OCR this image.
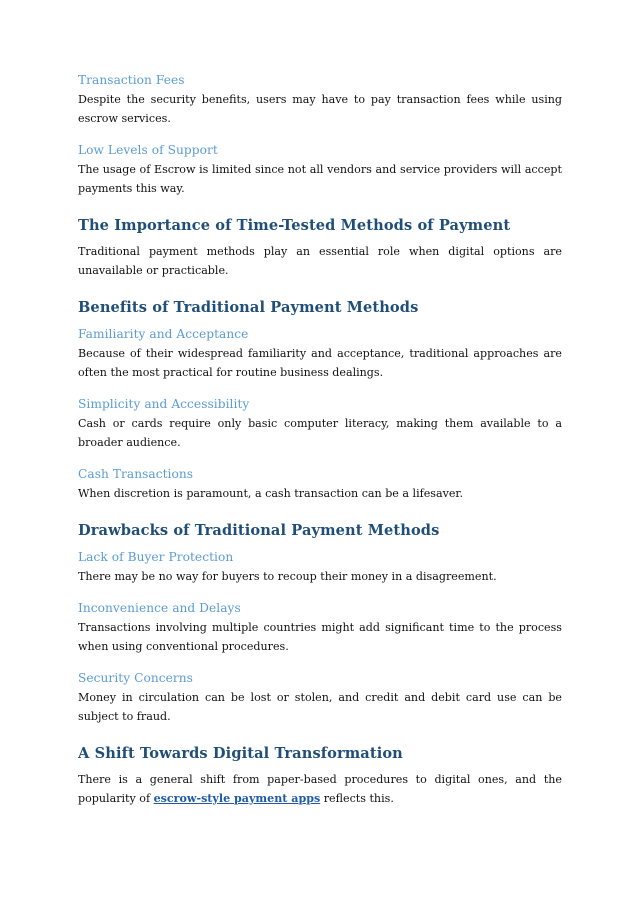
Transaction Fees

Despite the security benefits, users may have to pay transaction fees while using escrow services.

Low Levels of Support

The usage of Escrow is limited since not all vendors and service providers will accept payments this way.

The Importance of Time-Tested Methods of Payment

Traditional payment methods play an essential role when digital options are unavailable or practicable.

Benefits of Traditional Payment Methods
Familiarity and Acceptance

Because of their widespread familiarity and acceptance, traditional approaches are often the most practical for routine business dealings.

Simplicity and Accessibility

Cash or cards require only basic computer literacy, making them available to a broader audience.

Cash Transactions

When discretion is paramount, a cash transaction can be a lifesaver.

Drawbacks of Traditional Payment Methods
Lack of Buyer Protection

There may be no way for buyers to recoup their money in a disagreement.

Inconvenience and Delays

Transactions involving multiple countries might add significant time to the process when using conventional procedures.

Security Concerns

Money in circulation can be lost or stolen, and credit and debit card use can be subject to fraud.

A Shift Towards Digital Transformation

There is a general shift from paper-based procedures to digital ones, and the popularity of escrow-style payment apps reflects this.
